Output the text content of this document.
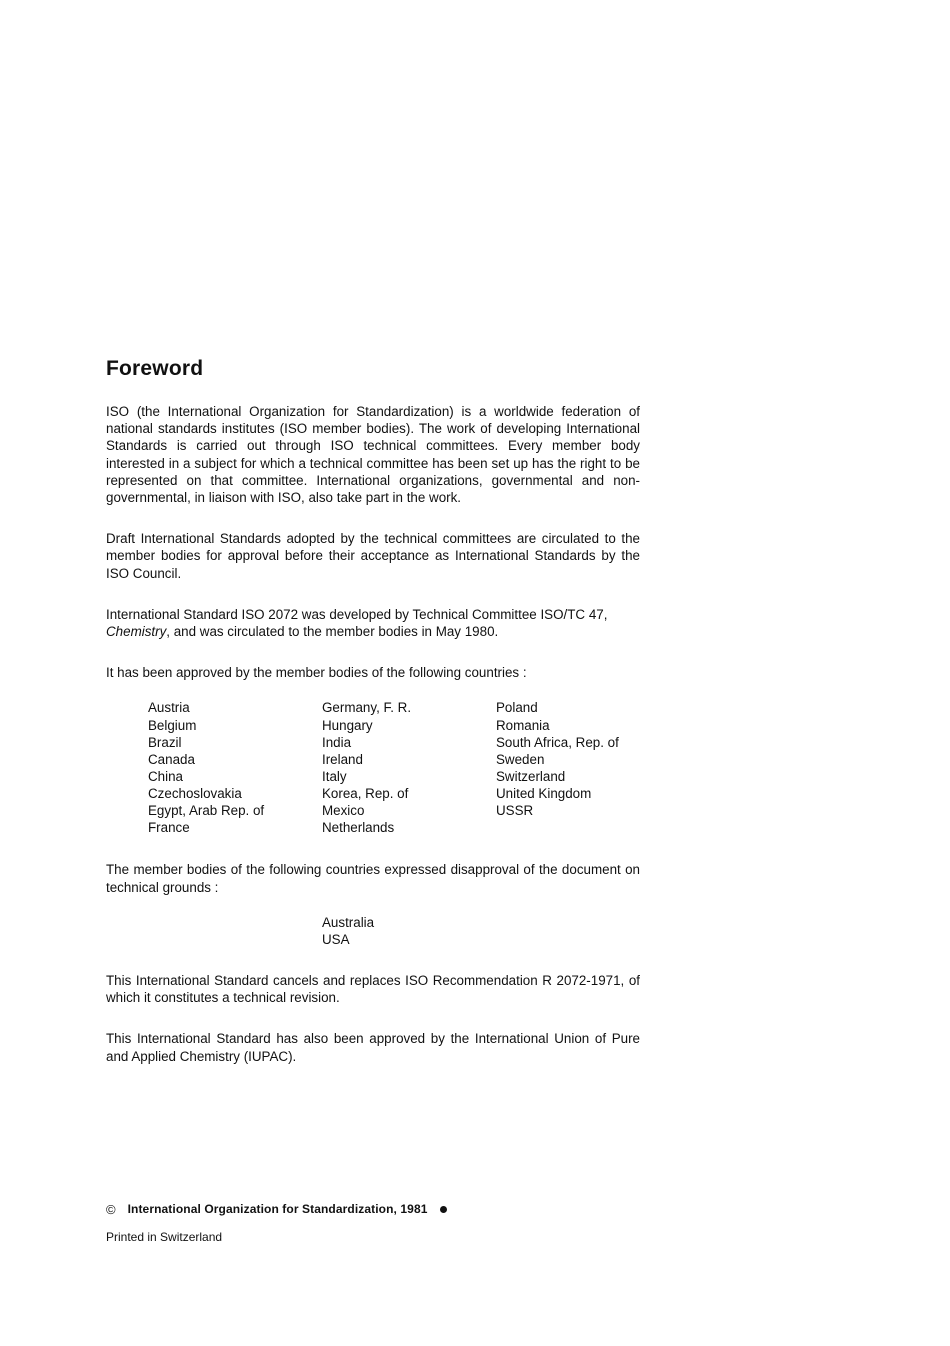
Foreword

ISO (the International Organization for Standardization) is a worldwide federation of national standards institutes (ISO member bodies). The work of developing International Standards is carried out through ISO technical committees. Every member body interested in a subject for which a technical committee has been set up has the right to be represented on that committee. International organizations, governmental and non-governmental, in liaison with ISO, also take part in the work.

Draft International Standards adopted by the technical committees are circulated to the member bodies for approval before their acceptance as International Standards by the ISO Council.

International Standard ISO 2072 was developed by Technical Committee ISO/TC 47,
Chemistry, and was circulated to the member bodies in May 1980.

It has been approved by the member bodies of the following countries :

Austria
Belgium
Brazil
Canada
China
Czechoslovakia
Egypt, Arab Rep. of
France
Germany, F. R.
Hungary
India
Ireland
Italy
Korea, Rep. of
Mexico
Netherlands
Poland
Romania
South Africa, Rep. of
Sweden
Switzerland
United Kingdom
USSR

The member bodies of the following countries expressed disapproval of the document on technical grounds :

Australia
USA

This International Standard cancels and replaces ISO Recommendation R 2072-1971, of which it constitutes a technical revision.

This International Standard has also been approved by the International Union of Pure and Applied Chemistry (IUPAC).

© International Organization for Standardization, 1981
Printed in Switzerland
